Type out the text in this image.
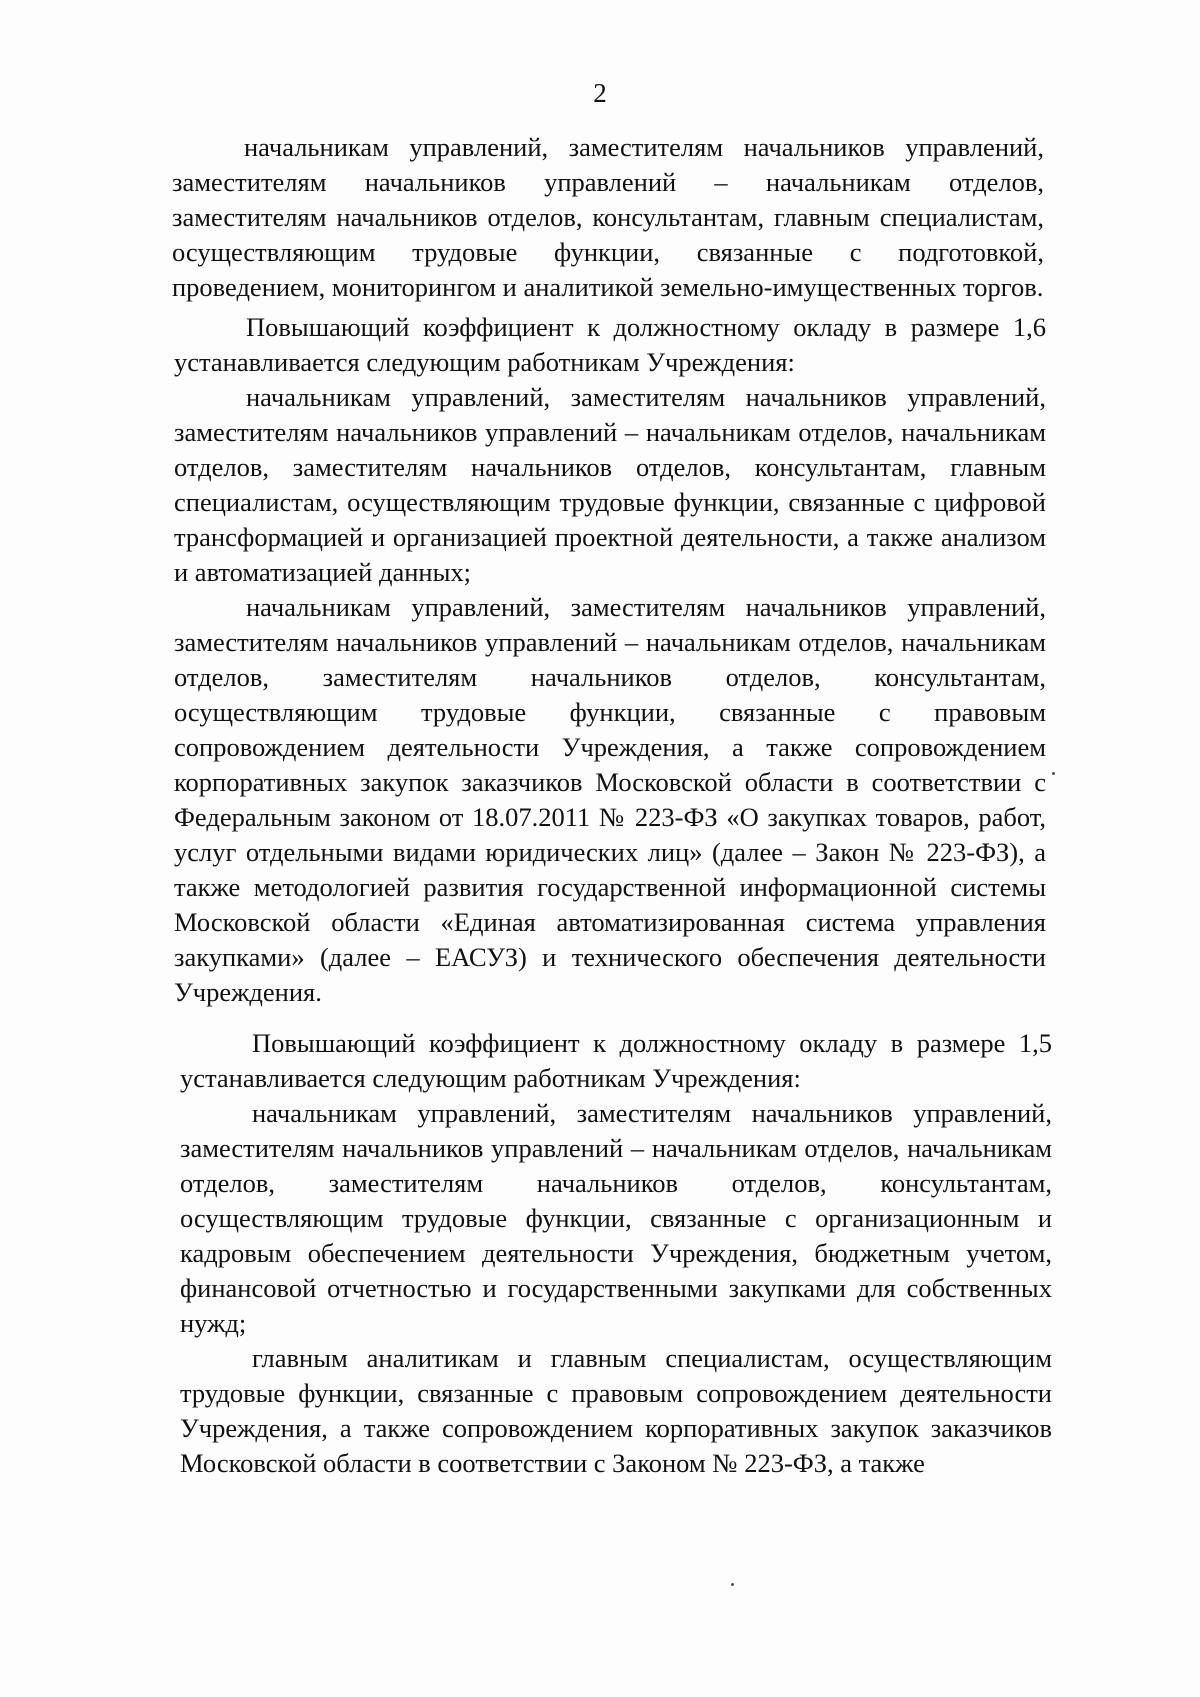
2

начальникам управлений, заместителям начальников управлений, заместителям начальников управлений – начальникам отделов, заместителям начальников отделов, консультантам, главным специалистам, осуществляющим трудовые функции, связанные с подготовкой, проведением, мониторингом и аналитикой земельно-имущественных торгов.

Повышающий коэффициент к должностному окладу в размере 1,6 устанавливается следующим работникам Учреждения:

начальникам управлений, заместителям начальников управлений, заместителям начальников управлений – начальникам отделов, начальникам отделов, заместителям начальников отделов, консультантам, главным специалистам, осуществляющим трудовые функции, связанные с цифровой трансформацией и организацией проектной деятельности, а также анализом и автоматизацией данных;

начальникам управлений, заместителям начальников управлений, заместителям начальников управлений – начальникам отделов, начальникам отделов, заместителям начальников отделов, консультантам, осуществляющим трудовые функции, связанные с правовым сопровождением деятельности Учреждения, а также сопровождением корпоративных закупок заказчиков Московской области в соответствии с Федеральным законом от 18.07.2011 № 223-ФЗ «О закупках товаров, работ, услуг отдельными видами юридических лиц» (далее – Закон № 223-ФЗ), а также методологией развития государственной информационной системы Московской области «Единая автоматизированная система управления закупками» (далее – ЕАСУЗ) и технического обеспечения деятельности Учреждения.

Повышающий коэффициент к должностному окладу в размере 1,5 устанавливается следующим работникам Учреждения:

начальникам управлений, заместителям начальников управлений, заместителям начальников управлений – начальникам отделов, начальникам отделов, заместителям начальников отделов, консультантам, осуществляющим трудовые функции, связанные с организационным и кадровым обеспечением деятельности Учреждения, бюджетным учетом, финансовой отчетностью и государственными закупками для собственных нужд;

главным аналитикам и главным специалистам, осуществляющим трудовые функции, связанные с правовым сопровождением деятельности Учреждения, а также сопровождением корпоративных закупок заказчиков Московской области в соответствии с Законом № 223-ФЗ, а также
